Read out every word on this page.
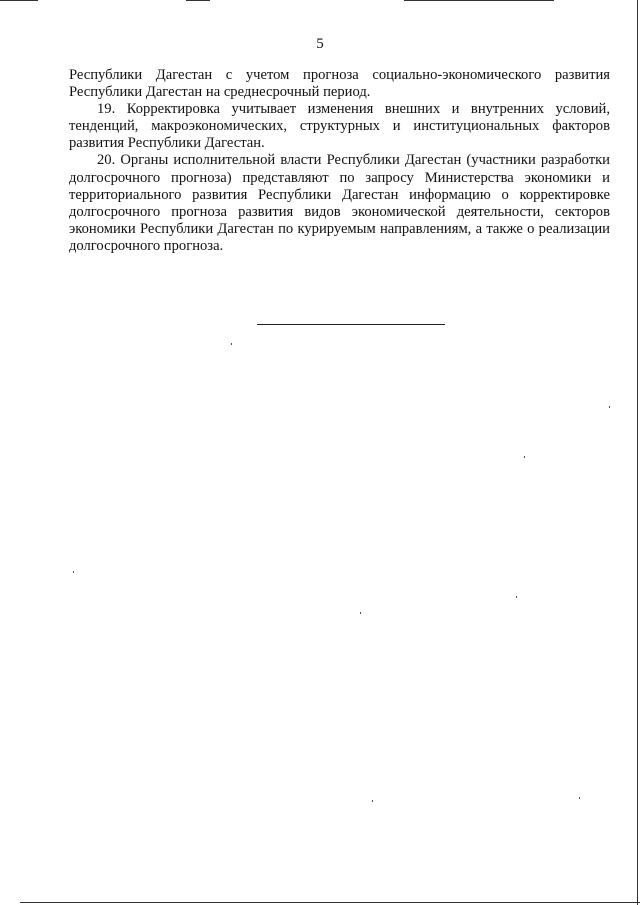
5

Республики Дагестан с учетом прогноза социально-экономического развития Республики Дагестан на среднесрочный период.

19. Корректировка учитывает изменения внешних и внутренних условий, тенденций, макроэкономических, структурных и институциональных факторов развития Республики Дагестан.

20. Органы исполнительной власти Республики Дагестан (участники разработки долгосрочного прогноза) представляют по запросу Министерства экономики и территориального развития Республики Дагестан информацию о корректировке долгосрочного прогноза развития видов экономической деятельности, секторов экономики Республики Дагестан по курируемым направлениям, а также о реализации долгосрочного прогноза.
